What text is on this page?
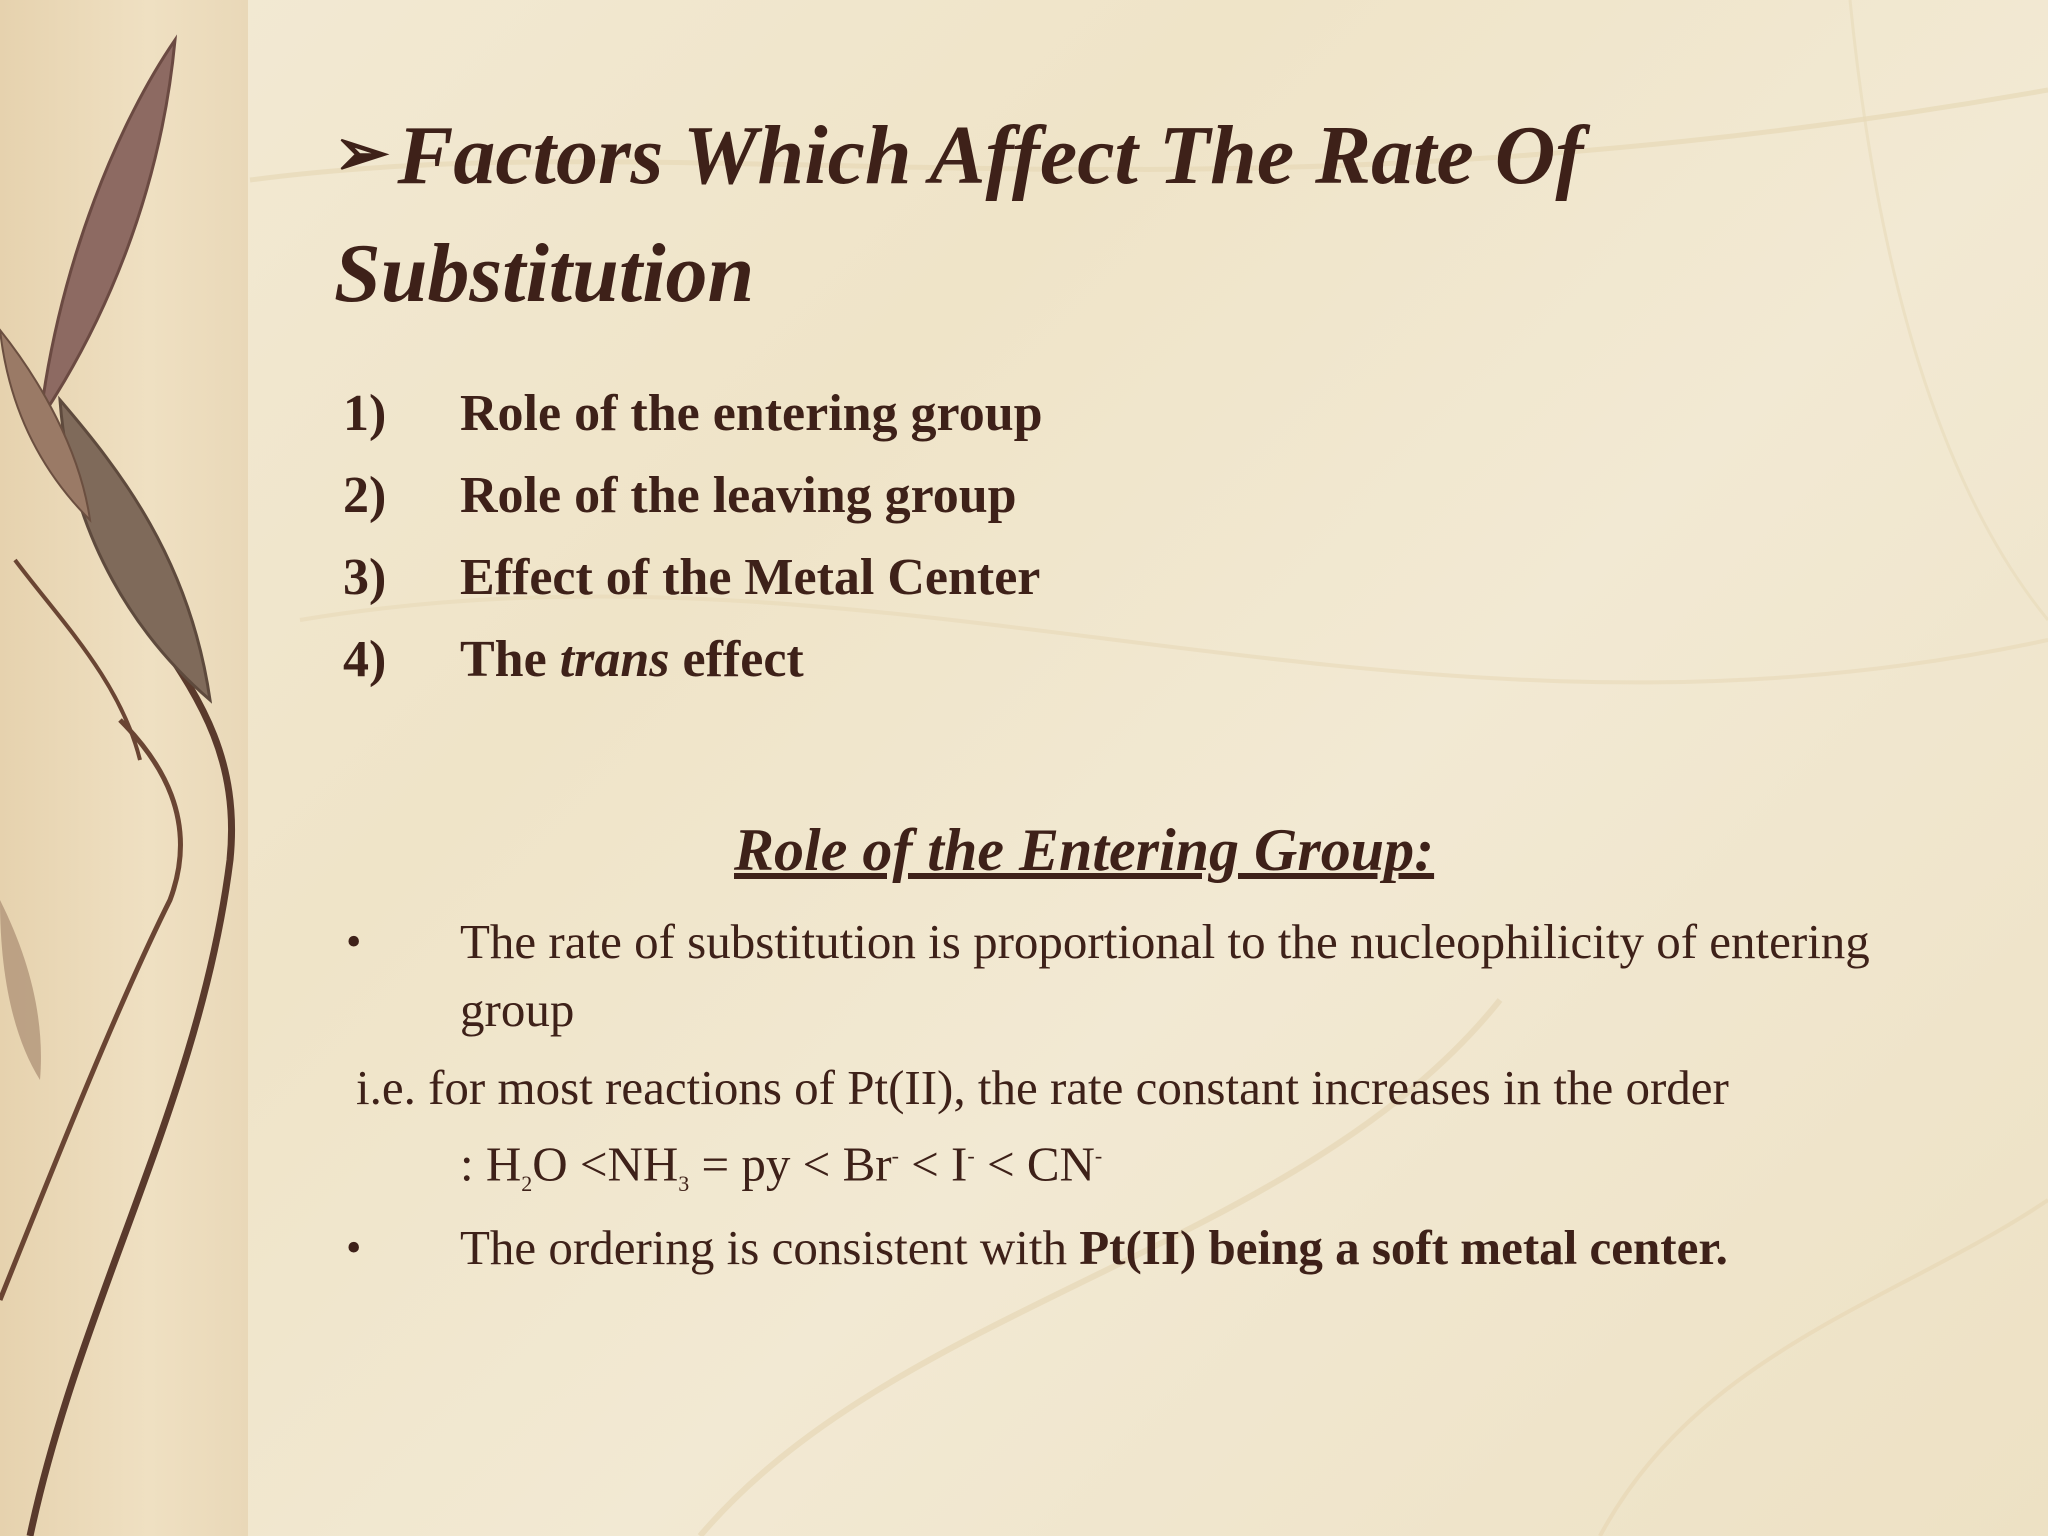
➢Factors Which Affect The Rate Of Substitution
1)	Role of the entering group
2)	Role of the leaving group
3)	Effect of the Metal Center
4)	The trans effect
Role of the Entering Group:
• The rate of substitution is proportional to the nucleophilicity of entering group
i.e. for most reactions of Pt(II), the rate constant increases in the order
: $H_2O <NH_3$ = py < Br- < I- < CN-
• The ordering is consistent with Pt(II) being a soft metal center.
